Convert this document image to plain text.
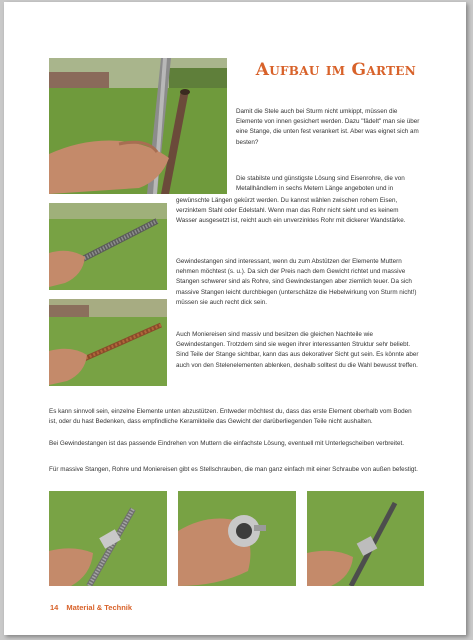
Aufbau im Garten

Damit die Stele auch bei Sturm nicht umkippt, müssen die Elemente von innen gesichert werden. Dazu "fädelt" man sie über eine Stange, die unten fest verankert ist. Aber was eignet sich am besten?

Die stabilste und günstigste Lösung sind Eisenrohre, die von Metallhändlern in sechs Metern Länge angeboten und in

gewünschte Längen gekürzt werden. Du kannst wählen zwischen rohem Eisen, verzinktem Stahl oder Edelstahl. Wenn man das Rohr nicht sieht und es keinem Wasser ausgesetzt ist, reicht auch ein unverzinktes Rohr mit dickerer Wandstärke.

Gewindestangen sind interessant, wenn du zum Abstützen der Elemente Muttern nehmen möchtest (s. u.). Da sich der Preis nach dem Gewicht richtet und massive Stangen schwerer sind als Rohre, sind Gewindestangen aber ziemlich teuer. Da sich massive Stangen leicht durchbiegen (unterschätze die Hebelwirkung von Sturm nicht!) müssen sie auch recht dick sein.

Auch Moniereisen sind massiv und besitzen die gleichen Nachteile wie Gewindestangen. Trotzdem sind sie wegen ihrer interessanten Struktur sehr beliebt. Sind Teile der Stange sichtbar, kann das aus dekorativer Sicht gut sein. Es könnte aber auch von den Stelenelementen ablenken, deshalb solltest du die Wahl bewusst treffen.

Es kann sinnvoll sein, einzelne Elemente unten abzustützen. Entweder möchtest du, dass das erste Element oberhalb vom Boden ist, oder du hast Bedenken, dass empfindliche Keramikteile das Gewicht der darüberliegenden Teile nicht aushalten.

Bei Gewindestangen ist das passende Eindrehen von Muttern die einfachste Lösung, eventuell mit Unterlegscheiben verbreitet.

Für massive Stangen, Rohre und Moniereisen gibt es Stellschrauben, die man ganz einfach mit einer Schraube von außen befestigt.

14 Material & Technik
